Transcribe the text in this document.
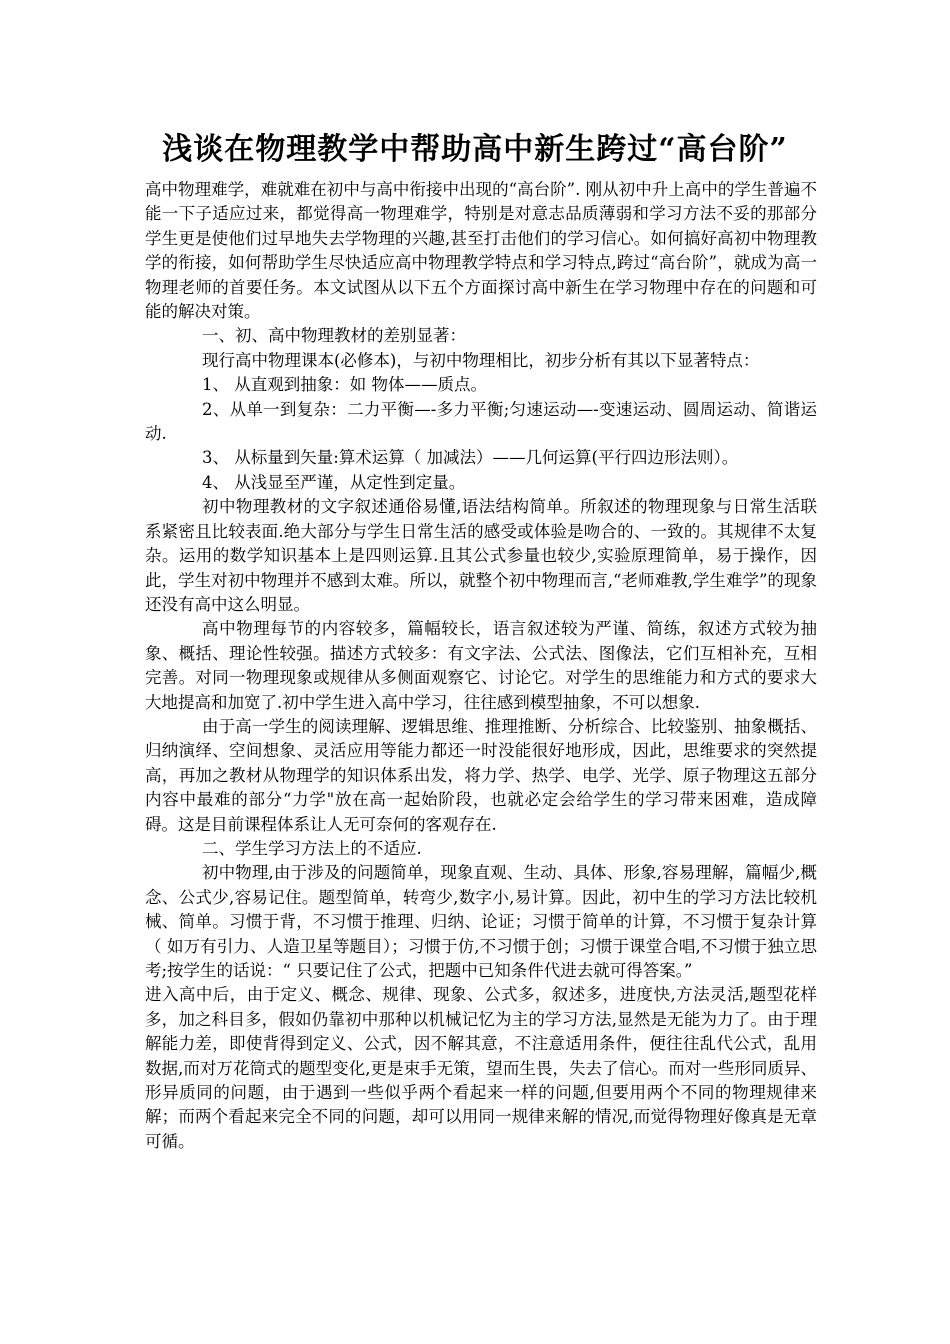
浅谈在物理教学中帮助高中新生跨过“高台阶”

高中物理难学，难就难在初中与高中衔接中出现的“高台阶”. 刚从初中升上高中的学生普遍不能一下子适应过来，都觉得高一物理难学，特别是对意志品质薄弱和学习方法不妥的那部分学生更是使他们过早地失去学物理的兴趣,甚至打击他们的学习信心。如何搞好高初中物理教学的衔接，如何帮助学生尽快适应高中物理教学特点和学习特点,跨过“高台阶”，就成为高一物理老师的首要任务。本文试图从以下五个方面探讨高中新生在学习物理中存在的问题和可能的解决对策。

一、初、高中物理教材的差别显著：

现行高中物理课本(必修本)，与初中物理相比，初步分析有其以下显著特点：

1、 从直观到抽象：如 物体——质点。

2、从单一到复杂：二力平衡—-多力平衡;匀速运动—-变速运动、圆周运动、简谐运动.

3、 从标量到矢量:算术运算（ 加减法）——几何运算(平行四边形法则）。

4、 从浅显至严谨，从定性到定量。

初中物理教材的文字叙述通俗易懂,语法结构简单。所叙述的物理现象与日常生活联系紧密且比较表面.绝大部分与学生日常生活的感受或体验是吻合的、一致的。其规律不太复杂。运用的数学知识基本上是四则运算.且其公式参量也较少,实验原理简单，易于操作，因此，学生对初中物理并不感到太难。所以，就整个初中物理而言,“老师难教,学生难学”的现象还没有高中这么明显。

高中物理每节的内容较多，篇幅较长，语言叙述较为严谨、简练，叙述方式较为抽象、概括、理论性较强。描述方式较多：有文字法、公式法、图像法，它们互相补充，互相完善。对同一物理现象或规律从多侧面观察它、讨论它。对学生的思维能力和方式的要求大大地提高和加宽了.初中学生进入高中学习，往往感到模型抽象，不可以想象.

由于高一学生的阅读理解、逻辑思维、推理推断、分析综合、比较鉴别、抽象概括、归纳演绎、空间想象、灵活应用等能力都还一时没能很好地形成，因此，思维要求的突然提高，再加之教材从物理学的知识体系出发，将力学、热学、电学、光学、原子物理这五部分内容中最难的部分“力学"放在高一起始阶段，也就必定会给学生的学习带来困难，造成障碍。这是目前课程体系让人无可奈何的客观存在.

二、学生学习方法上的不适应.

初中物理,由于涉及的问题简单，现象直观、生动、具体、形象,容易理解，篇幅少,概念、公式少,容易记住。题型简单，转弯少,数字小,易计算。因此，初中生的学习方法比较机械、简单。习惯于背，不习惯于推理、归纳、论证；习惯于简单的计算，不习惯于复杂计算（ 如万有引力、人造卫星等题目）；习惯于仿,不习惯于创；习惯于课堂合唱,不习惯于独立思考;按学生的话说：“ 只要记住了公式，把题中已知条件代进去就可得答案。”

进入高中后，由于定义、概念、规律、现象、公式多，叙述多，进度快,方法灵活,题型花样多，加之科目多，假如仍靠初中那种以机械记忆为主的学习方法,显然是无能为力了。由于理解能力差，即使背得到定义、公式，因不解其意，不注意适用条件，便往往乱代公式，乱用数据,而对万花筒式的题型变化,更是束手无策，望而生畏，失去了信心。而对一些形同质异、形异质同的问题，由于遇到一些似乎两个看起来一样的问题,但要用两个不同的物理规律来解；而两个看起来完全不同的问题，却可以用同一规律来解的情况,而觉得物理好像真是无章可循。
